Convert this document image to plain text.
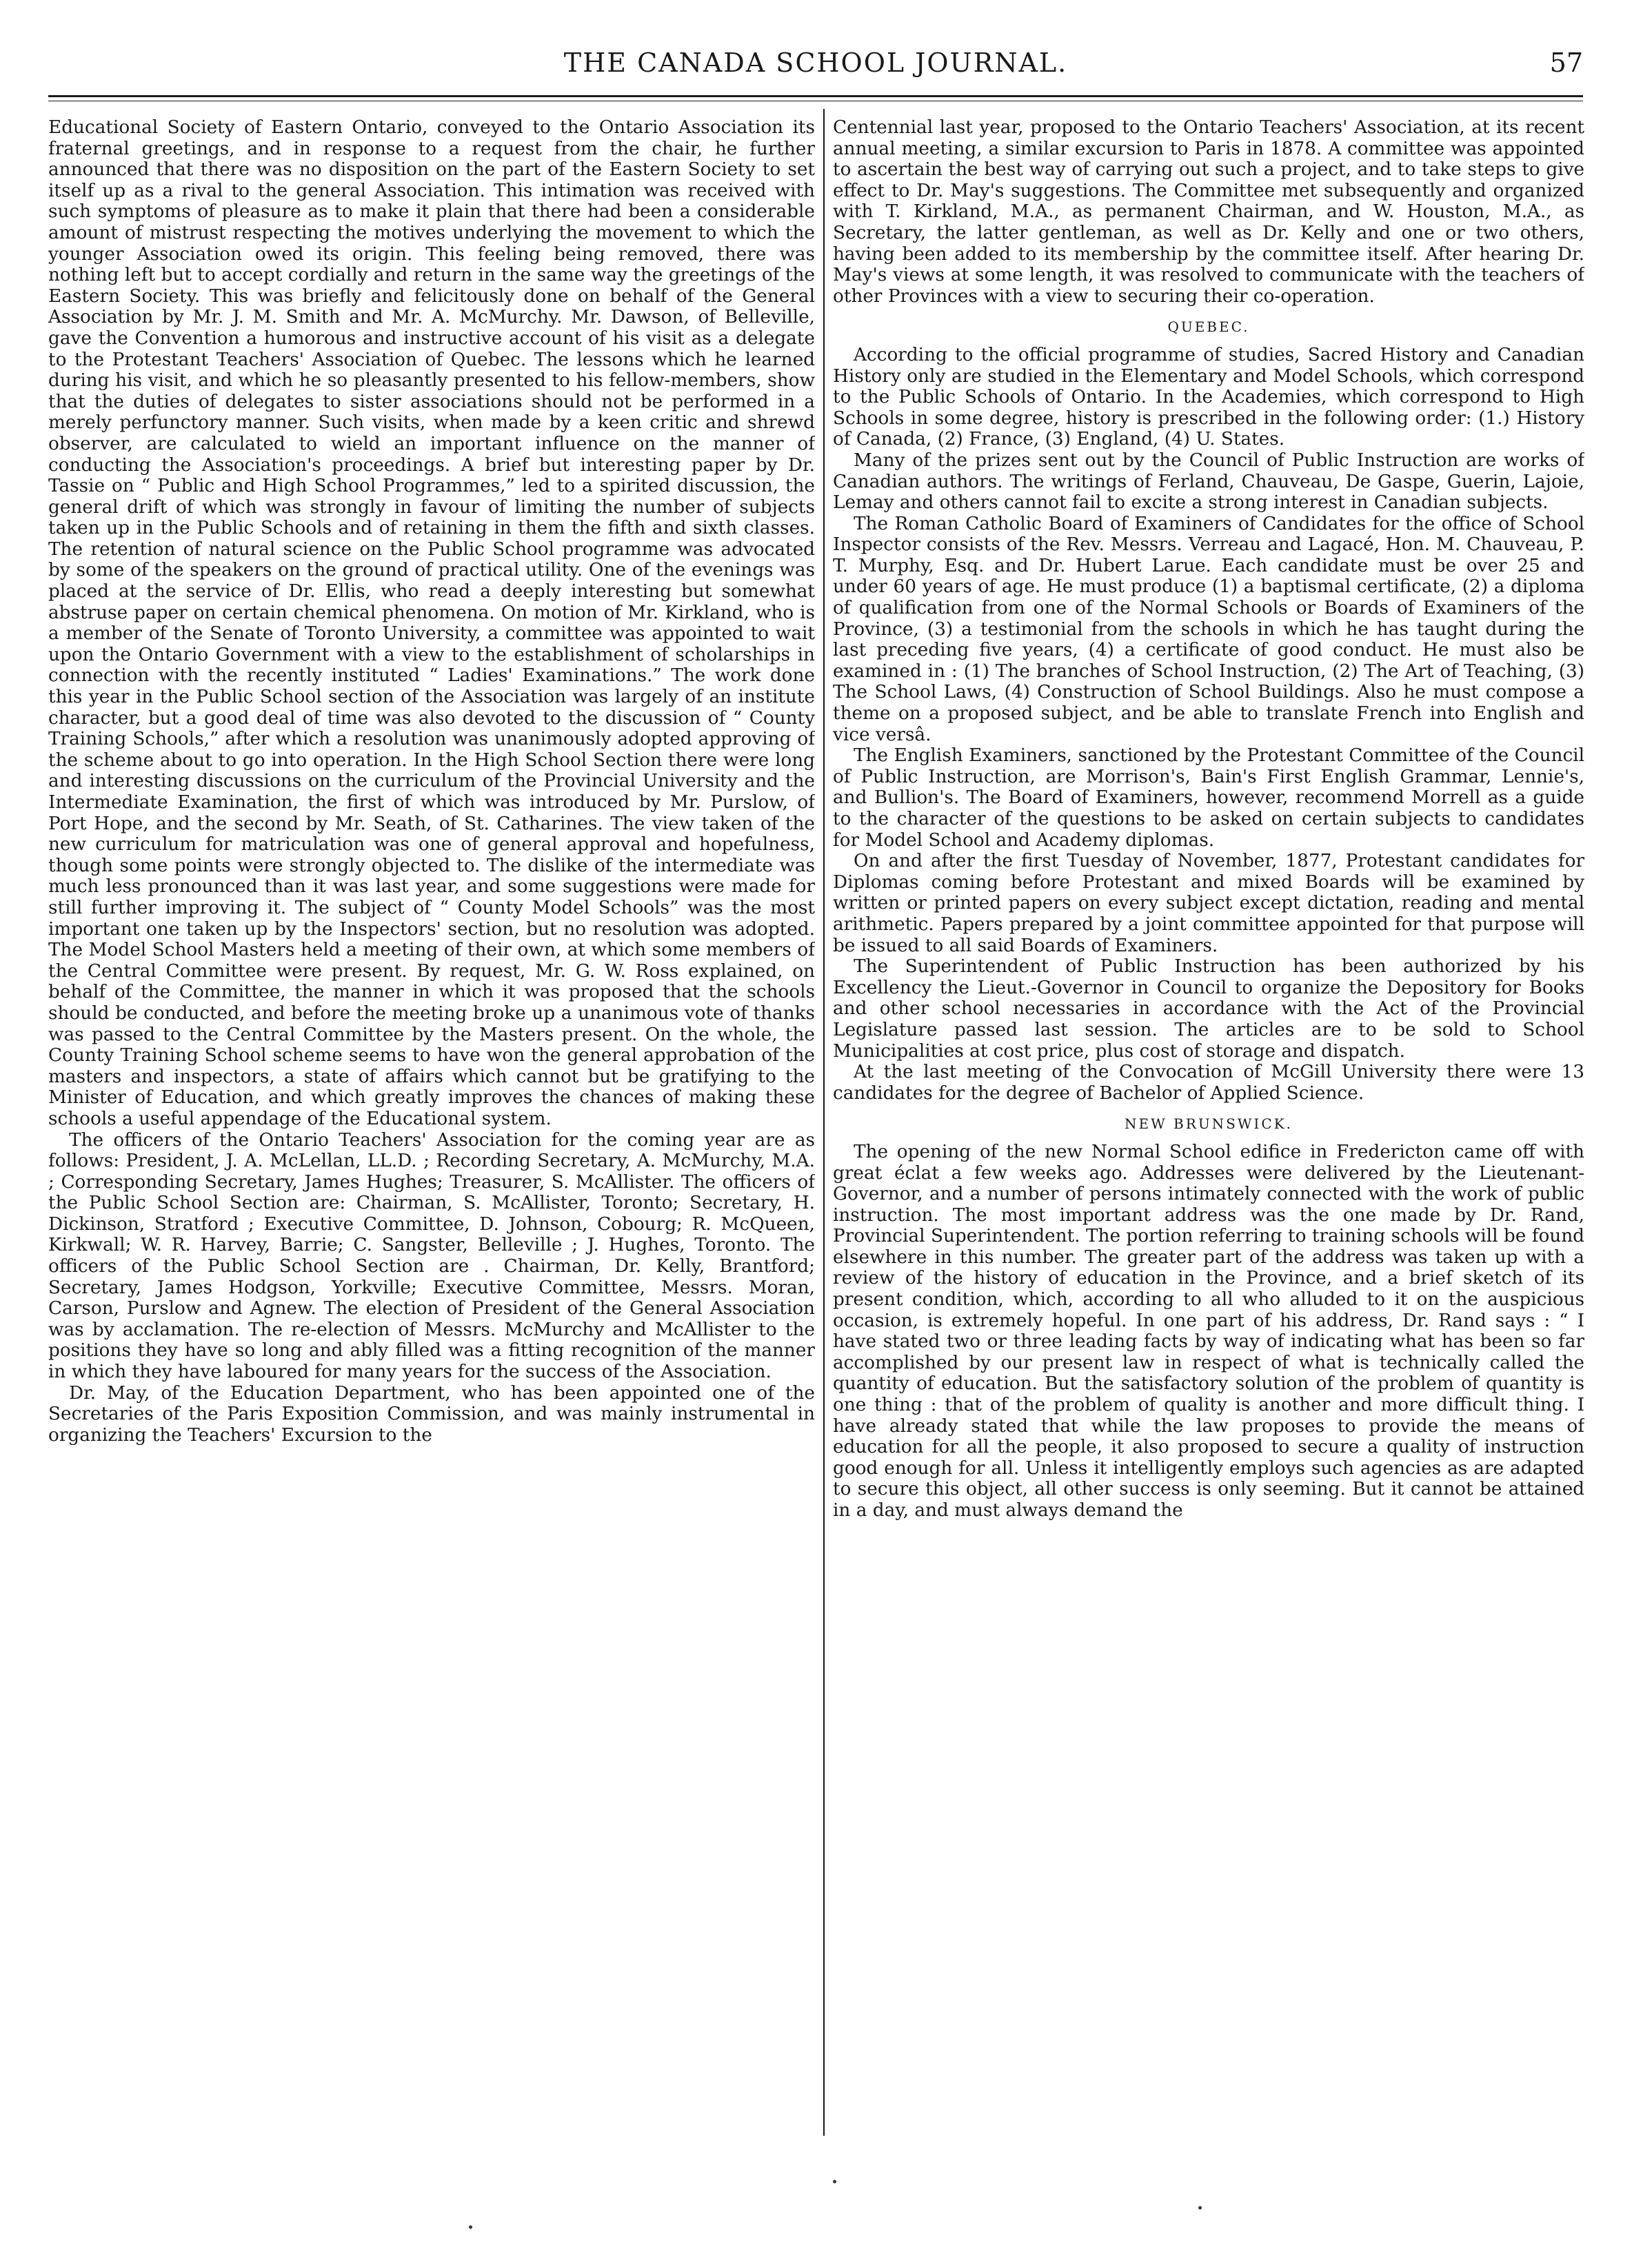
THE CANADA SCHOOL JOURNAL.	57

Educational Society of Eastern Ontario, conveyed to the Ontario Association its fraternal greetings, and in response to a request from the chair, he further announced that there was no disposition on the part of the Eastern Society to set itself up as a rival to the general Association. This intimation was received with such symptoms of pleasure as to make it plain that there had been a considerable amount of mistrust respecting the motives underlying the movement to which the younger Association owed its origin. This feeling being removed, there was nothing left but to accept cordially and return in the same way the greetings of the Eastern Society. This was briefly and felicitously done on behalf of the General Association by Mr. J. M. Smith and Mr. A. McMurchy. Mr. Dawson, of Belleville, gave the Convention a humorous and instructive account of his visit as a delegate to the Protestant Teachers' Association of Quebec. The lessons which he learned during his visit, and which he so pleasantly presented to his fellow-members, show that the duties of delegates to sister associations should not be performed in a merely perfunctory manner. Such visits, when made by a keen critic and shrewd observer, are calculated to wield an important influence on the manner of conducting the Association's proceedings. A brief but interesting paper by Dr. Tassie on “ Public and High School Programmes,” led to a spirited discussion, the general drift of which was strongly in favour of limiting the number of subjects taken up in the Public Schools and of retaining in them the fifth and sixth classes. The retention of natural science on the Public School programme was advocated by some of the speakers on the ground of practical utility. One of the evenings was placed at the service of Dr. Ellis, who read a deeply interesting but somewhat abstruse paper on certain chemical phenomena. On motion of Mr. Kirkland, who is a member of the Senate of Toronto University, a committee was appointed to wait upon the Ontario Government with a view to the establishment of scholarships in connection with the recently instituted “ Ladies' Examinations.” The work done this year in the Public School section of the Association was largely of an institute character, but a good deal of time was also devoted to the discussion of “ County Training Schools,” after which a resolution was unanimously adopted approving of the scheme about to go into operation. In the High School Section there were long and interesting discussions on the curriculum of the Provincial University and the Intermediate Examination, the first of which was introduced by Mr. Purslow, of Port Hope, and the second by Mr. Seath, of St. Catharines. The view taken of the new curriculum for matriculation was one of general approval and hopefulness, though some points were strongly objected to. The dislike of the intermediate was much less pronounced than it was last year, and some suggestions were made for still further improving it. The subject of “ County Model Schools” was the most important one taken up by the Inspectors' section, but no resolution was adopted. The Model School Masters held a meeting of their own, at which some members of the Central Committee were present. By request, Mr. G. W. Ross explained, on behalf of the Committee, the manner in which it was proposed that the schools should be conducted, and before the meeting broke up a unanimous vote of thanks was passed to the Central Committee by the Masters present. On the whole, the County Training School scheme seems to have won the general approbation of the masters and inspectors, a state of affairs which cannot but be gratifying to the Minister of Education, and which greatly improves the chances of making these schools a useful appendage of the Educational system.

The officers of the Ontario Teachers' Association for the coming year are as follows: President, J. A. McLellan, LL.D. ; Recording Secretary, A. McMurchy, M.A. ; Corresponding Secretary, James Hughes; Treasurer, S. McAllister. The officers of the Public School Section are: Chairman, S. McAllister, Toronto; Secretary, H. Dickinson, Stratford ; Executive Committee, D. Johnson, Cobourg; R. McQueen, Kirkwall; W. R. Harvey, Barrie; C. Sangster, Belleville ; J. Hughes, Toronto. The officers of the Public School Section are . Chairman, Dr. Kelly, Brantford; Secretary, James Hodgson, Yorkville; Executive Committee, Messrs. Moran, Carson, Purslow and Agnew. The election of President of the General Association was by acclamation. The re-election of Messrs. McMurchy and McAllister to the positions they have so long and ably filled was a fitting recognition of the manner in which they have laboured for many years for the success of the Association.

Dr. May, of the Education Department, who has been appointed one of the Secretaries of the Paris Exposition Commission, and was mainly instrumental in organizing the Teachers' Excursion to the

Centennial last year, proposed to the Ontario Teachers' Association, at its recent annual meeting, a similar excursion to Paris in 1878. A committee was appointed to ascertain the best way of carrying out such a project, and to take steps to give effect to Dr. May's suggestions. The Committee met subsequently and organized with T. Kirkland, M.A., as permanent Chairman, and W. Houston, M.A., as Secretary, the latter gentleman, as well as Dr. Kelly and one or two others, having been added to its membership by the committee itself. After hearing Dr. May's views at some length, it was resolved to communicate with the teachers of other Provinces with a view to securing their co-operation.

QUEBEC.

According to the official programme of studies, Sacred History and Canadian History only are studied in the Elementary and Model Schools, which correspond to the Public Schools of Ontario. In the Academies, which correspond to High Schools in some degree, history is prescribed in the following order: (1.) History of Canada, (2) France, (3) England, (4) U. States.

Many of the prizes sent out by the Council of Public Instruction are works of Canadian authors. The writings of Ferland, Chauveau, De Gaspe, Guerin, Lajoie, Lemay and others cannot fail to excite a strong interest in Canadian subjects.

The Roman Catholic Board of Examiners of Candidates for the office of School Inspector consists of the Rev. Messrs. Verreau and Lagacé, Hon. M. Chauveau, P. T. Murphy, Esq. and Dr. Hubert Larue. Each candidate must be over 25 and under 60 years of age. He must produce (1) a baptismal certificate, (2) a diploma of qualification from one of the Normal Schools or Boards of Examiners of the Province, (3) a testimonial from the schools in which he has taught during the last preceding five years, (4) a certificate of good conduct. He must also be examined in : (1) The branches of School Instruction, (2) The Art of Teaching, (3) The School Laws, (4) Construction of School Buildings. Also he must compose a theme on a proposed subject, and be able to translate French into English and vice versâ.

The English Examiners, sanctioned by the Protestant Committee of the Council of Public Instruction, are Morrison's, Bain's First English Grammar, Lennie's, and Bullion's. The Board of Examiners, however, recommend Morrell as a guide to the character of the questions to be asked on certain subjects to candidates for Model School and Academy diplomas.

On and after the first Tuesday of November, 1877, Protestant candidates for Diplomas coming before Protestant and mixed Boards will be examined by written or printed papers on every subject except dictation, reading and mental arithmetic. Papers prepared by a joint committee appointed for that purpose will be issued to all said Boards of Examiners.

The Superintendent of Public Instruction has been authorized by his Excellency the Lieut.-Governor in Council to organize the Depository for Books and other school necessaries in accordance with the Act of the Provincial Legislature passed last session. The articles are to be sold to School Municipalities at cost price, plus cost of storage and dispatch.

At the last meeting of the Convocation of McGill University there were 13 candidates for the degree of Bachelor of Applied Science.

NEW BRUNSWICK.

The opening of the new Normal School edifice in Fredericton came off with great éclat a few weeks ago. Addresses were delivered by the Lieutenant-Governor, and a number of persons intimately connected with the work of public instruction. The most important address was the one made by Dr. Rand, Provincial Superintendent. The portion referring to training schools will be found elsewhere in this number. The greater part of the address was taken up with a review of the history of education in the Province, and a brief sketch of its present condition, which, according to all who alluded to it on the auspicious occasion, is extremely hopeful. In one part of his address, Dr. Rand says : “ I have stated two or three leading facts by way of indicating what has been so far accomplished by our present law in respect of what is technically called the quantity of education. But the satisfactory solution of the problem of quantity is one thing : that of the problem of quality is another and more difficult thing. I have already stated that while the law proposes to provide the means of education for all the people, it also proposed to secure a quality of instruction good enough for all. Unless it intelligently employs such agencies as are adapted to secure this object, all other success is only seeming. But it cannot be attained in a day, and must always demand the
